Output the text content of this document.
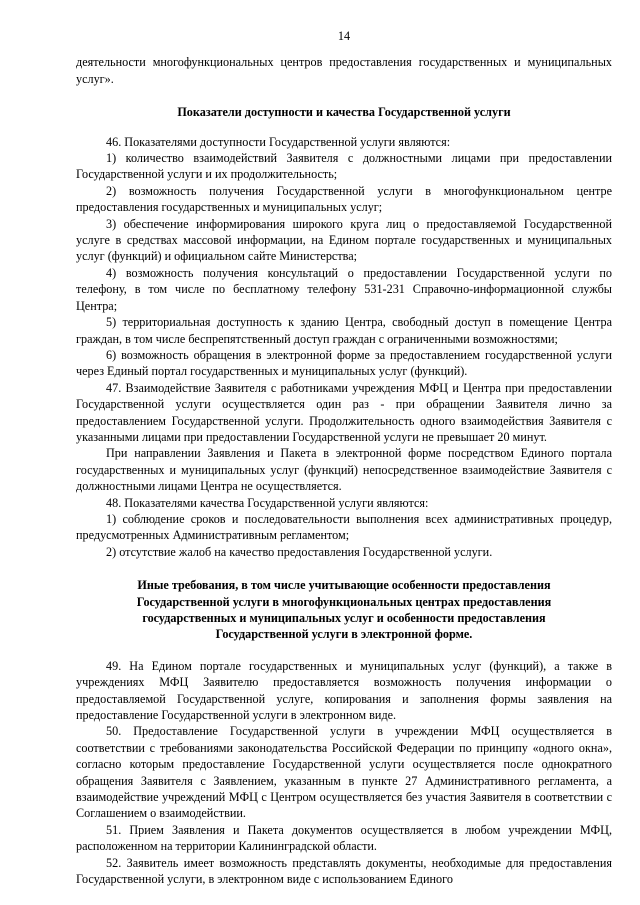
14

деятельности многофункциональных центров предоставления государственных и муниципальных услуг».

Показатели доступности и качества Государственной услуги

46. Показателями доступности Государственной услуги являются:

1) количество взаимодействий Заявителя с должностными лицами при предоставлении Государственной услуги и их продолжительность;

2) возможность получения Государственной услуги в многофункциональном центре предоставления государственных и муниципальных услуг;

3) обеспечение информирования широкого круга лиц о предоставляемой Государственной услуге в средствах массовой информации, на Едином портале государственных и муниципальных услуг (функций) и официальном сайте Министерства;

4) возможность получения консультаций о предоставлении Государственной услуги по телефону, в том числе по бесплатному телефону 531-231 Справочно-информационной службы Центра;

5) территориальная доступность к зданию Центра, свободный доступ в помещение Центра граждан, в том числе беспрепятственный доступ граждан с ограниченными возможностями;

6) возможность обращения в электронной форме за предоставлением государственной услуги через Единый портал государственных и муниципальных услуг (функций).

47. Взаимодействие Заявителя с работниками учреждения МФЦ и Центра при предоставлении Государственной услуги осуществляется один раз - при обращении Заявителя лично за предоставлением Государственной услуги. Продолжительность одного взаимодействия Заявителя с указанными лицами при предоставлении Государственной услуги не превышает 20 минут.

При направлении Заявления и Пакета в электронной форме посредством Единого портала государственных и муниципальных услуг (функций) непосредственное взаимодействие Заявителя с должностными лицами Центра не осуществляется.

48. Показателями качества Государственной услуги являются:

1) соблюдение сроков и последовательности выполнения всех административных процедур, предусмотренных Административным регламентом;

2) отсутствие жалоб на качество предоставления Государственной услуги.

Иные требования, в том числе учитывающие особенности предоставления
Государственной услуги в многофункциональных центрах предоставления
государственных и муниципальных услуг и особенности предоставления
Государственной услуги в электронной форме.

49. На Едином портале государственных и муниципальных услуг (функций), а также в учреждениях МФЦ Заявителю предоставляется возможность получения информации о предоставляемой Государственной услуге, копирования и заполнения формы заявления на предоставление Государственной услуги в электронном виде.

50. Предоставление Государственной услуги в учреждении МФЦ осуществляется в соответствии с требованиями законодательства Российской Федерации по принципу «одного окна», согласно которым предоставление Государственной услуги осуществляется после однократного обращения Заявителя с Заявлением, указанным в пункте 27 Административного регламента, а взаимодействие учреждений МФЦ с Центром осуществляется без участия Заявителя в соответствии с Соглашением о взаимодействии.

51. Прием Заявления и Пакета документов осуществляется в любом учреждении МФЦ, расположенном на территории Калининградской области.

52. Заявитель имеет возможность представлять документы, необходимые для предоставления Государственной услуги, в электронном виде с использованием Единого
